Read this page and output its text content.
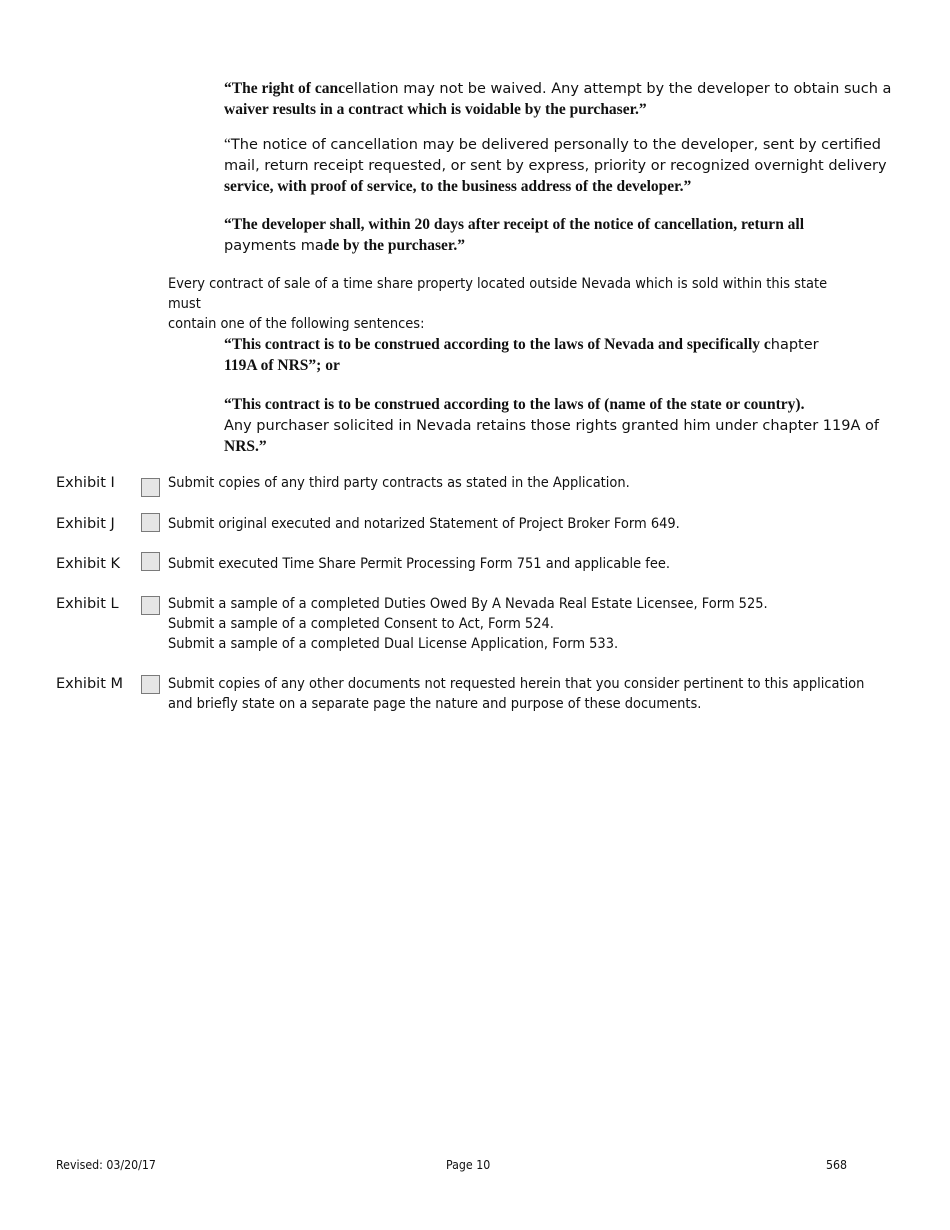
“The right of cancellation may not be waived. Any attempt by the developer to obtain such a
waiver results in a contract which is voidable by the purchaser.”
“The notice of cancellation may be delivered personally to the developer, sent by certified mail, return receipt requested, or sent by express, priority or recognized overnight delivery service, with proof of service, to the business address of the developer.”
“The developer shall, within 20 days after receipt of the notice of cancellation, return all
payments made by the purchaser.”
Every contract of sale of a time share property located outside Nevada which is sold within this state must
contain one of the following sentences:
“This contract is to be construed according to the laws of Nevada and specifically chapter
119A of NRS”; or
“This contract is to be construed according to the laws of (name of the state or country).
Any purchaser solicited in Nevada retains those rights granted him under chapter 119A of
NRS.”
Exhibit I	Submit copies of any third party contracts as stated in the Application.
Exhibit J	Submit original executed and notarized Statement of Project Broker Form 649.
Exhibit K	Submit executed Time Share Permit Processing Form 751 and applicable fee.
Exhibit L	Submit a sample of a completed Duties Owed By A Nevada Real Estate Licensee, Form 525.
Submit a sample of a completed Consent to Act, Form 524.
Submit a sample of a completed Dual License Application, Form 533.
Exhibit M	Submit copies of any other documents not requested herein that you consider pertinent to this application
and briefly state on a separate page the nature and purpose of these documents.
Revised: 03/20/17	Page 10	568
